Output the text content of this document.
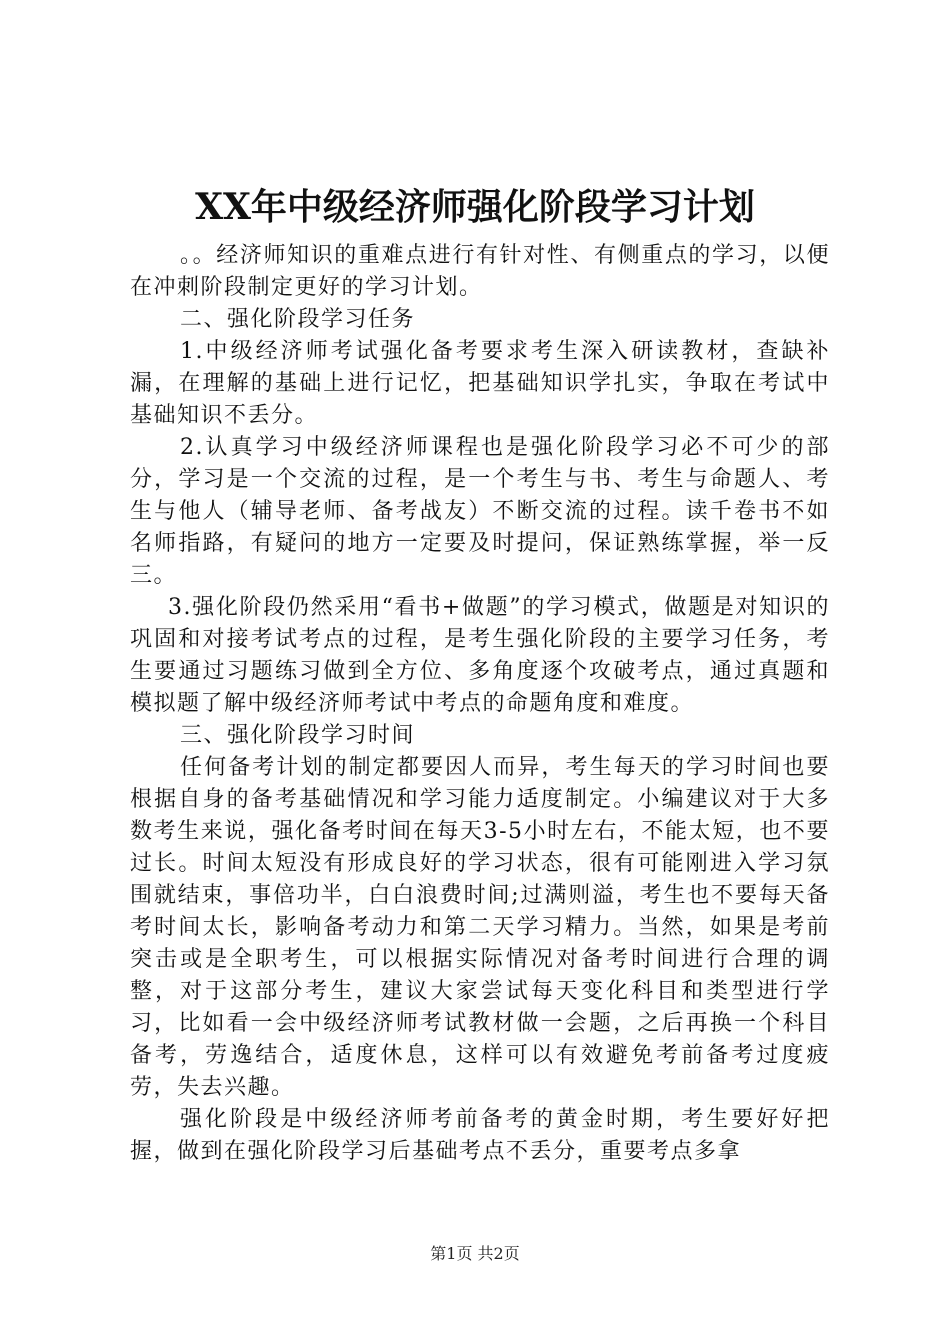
XX年中级经济师强化阶段学习计划

。。经济师知识的重难点进行有针对性、有侧重点的学习，以便在冲刺阶段制定更好的学习计划。

二、强化阶段学习任务

1.中级经济师考试强化备考要求考生深入研读教材，查缺补漏，在理解的基础上进行记忆，把基础知识学扎实，争取在考试中基础知识不丢分。

2.认真学习中级经济师课程也是强化阶段学习必不可少的部分，学习是一个交流的过程，是一个考生与书、考生与命题人、考生与他人（辅导老师、备考战友）不断交流的过程。读千卷书不如名师指路，有疑问的地方一定要及时提问，保证熟练掌握，举一反三。

3.强化阶段仍然采用“看书+做题”的学习模式，做题是对知识的巩固和对接考试考点的过程，是考生强化阶段的主要学习任务，考生要通过习题练习做到全方位、多角度逐个攻破考点，通过真题和模拟题了解中级经济师考试中考点的命题角度和难度。

三、强化阶段学习时间

任何备考计划的制定都要因人而异，考生每天的学习时间也要根据自身的备考基础情况和学习能力适度制定。小编建议对于大多数考生来说，强化备考时间在每天3-5小时左右，不能太短，也不要过长。时间太短没有形成良好的学习状态，很有可能刚进入学习氛围就结束，事倍功半，白白浪费时间;过满则溢，考生也不要每天备考时间太长，影响备考动力和第二天学习精力。当然，如果是考前突击或是全职考生，可以根据实际情况对备考时间进行合理的调整，对于这部分考生，建议大家尝试每天变化科目和类型进行学习，比如看一会中级经济师考试教材做一会题，之后再换一个科目备考，劳逸结合，适度休息，这样可以有效避免考前备考过度疲劳，失去兴趣。

强化阶段是中级经济师考前备考的黄金时期，考生要好好把握，做到在强化阶段学习后基础考点不丢分，重要考点多拿

第1页 共2页
